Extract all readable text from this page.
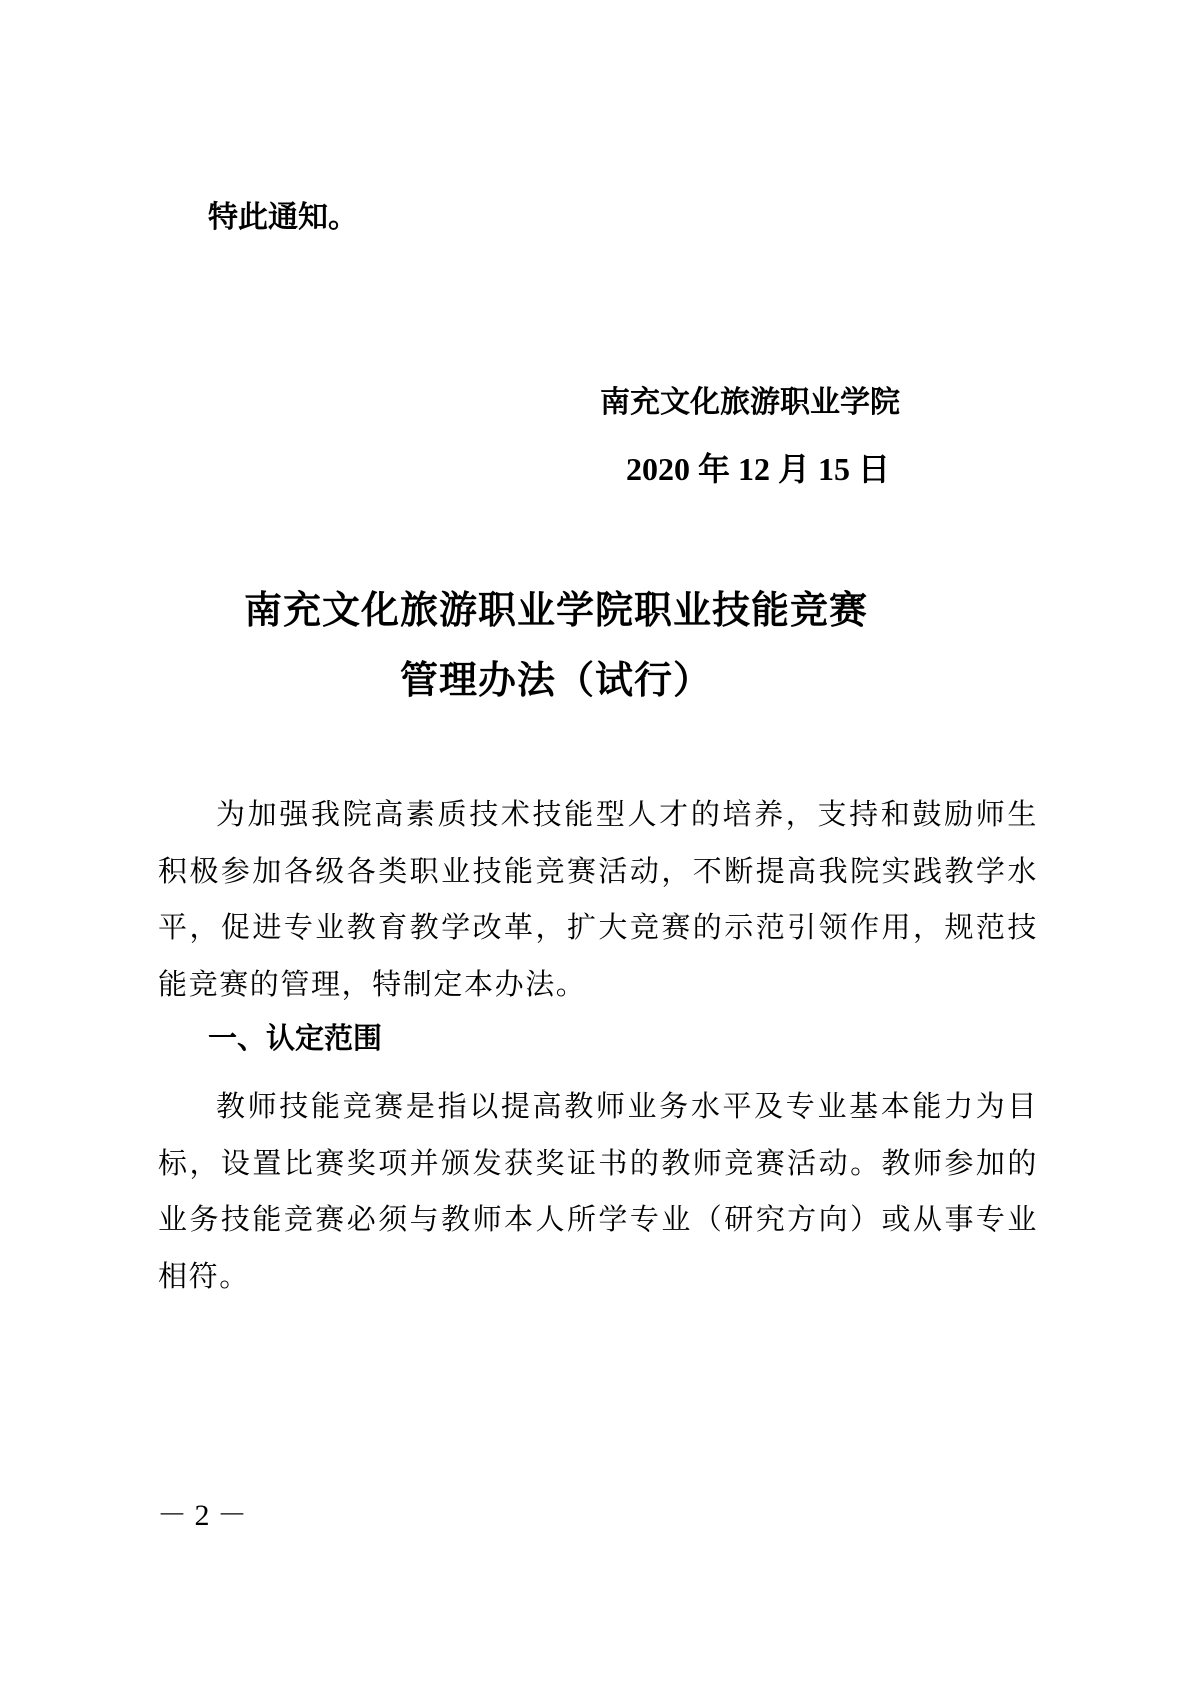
特此通知。
南充文化旅游职业学院
2020 年 12 月 15 日
南充文化旅游职业学院职业技能竞赛
管理办法（试行）
为加强我院高素质技术技能型人才的培养，支持和鼓励师生积极参加各级各类职业技能竞赛活动，不断提高我院实践教学水平，促进专业教育教学改革，扩大竞赛的示范引领作用，规范技能竞赛的管理，特制定本办法。
一、认定范围
教师技能竞赛是指以提高教师业务水平及专业基本能力为目标，设置比赛奖项并颁发获奖证书的教师竞赛活动。教师参加的业务技能竞赛必须与教师本人所学专业（研究方向）或从事专业相符。
－ 2 －
